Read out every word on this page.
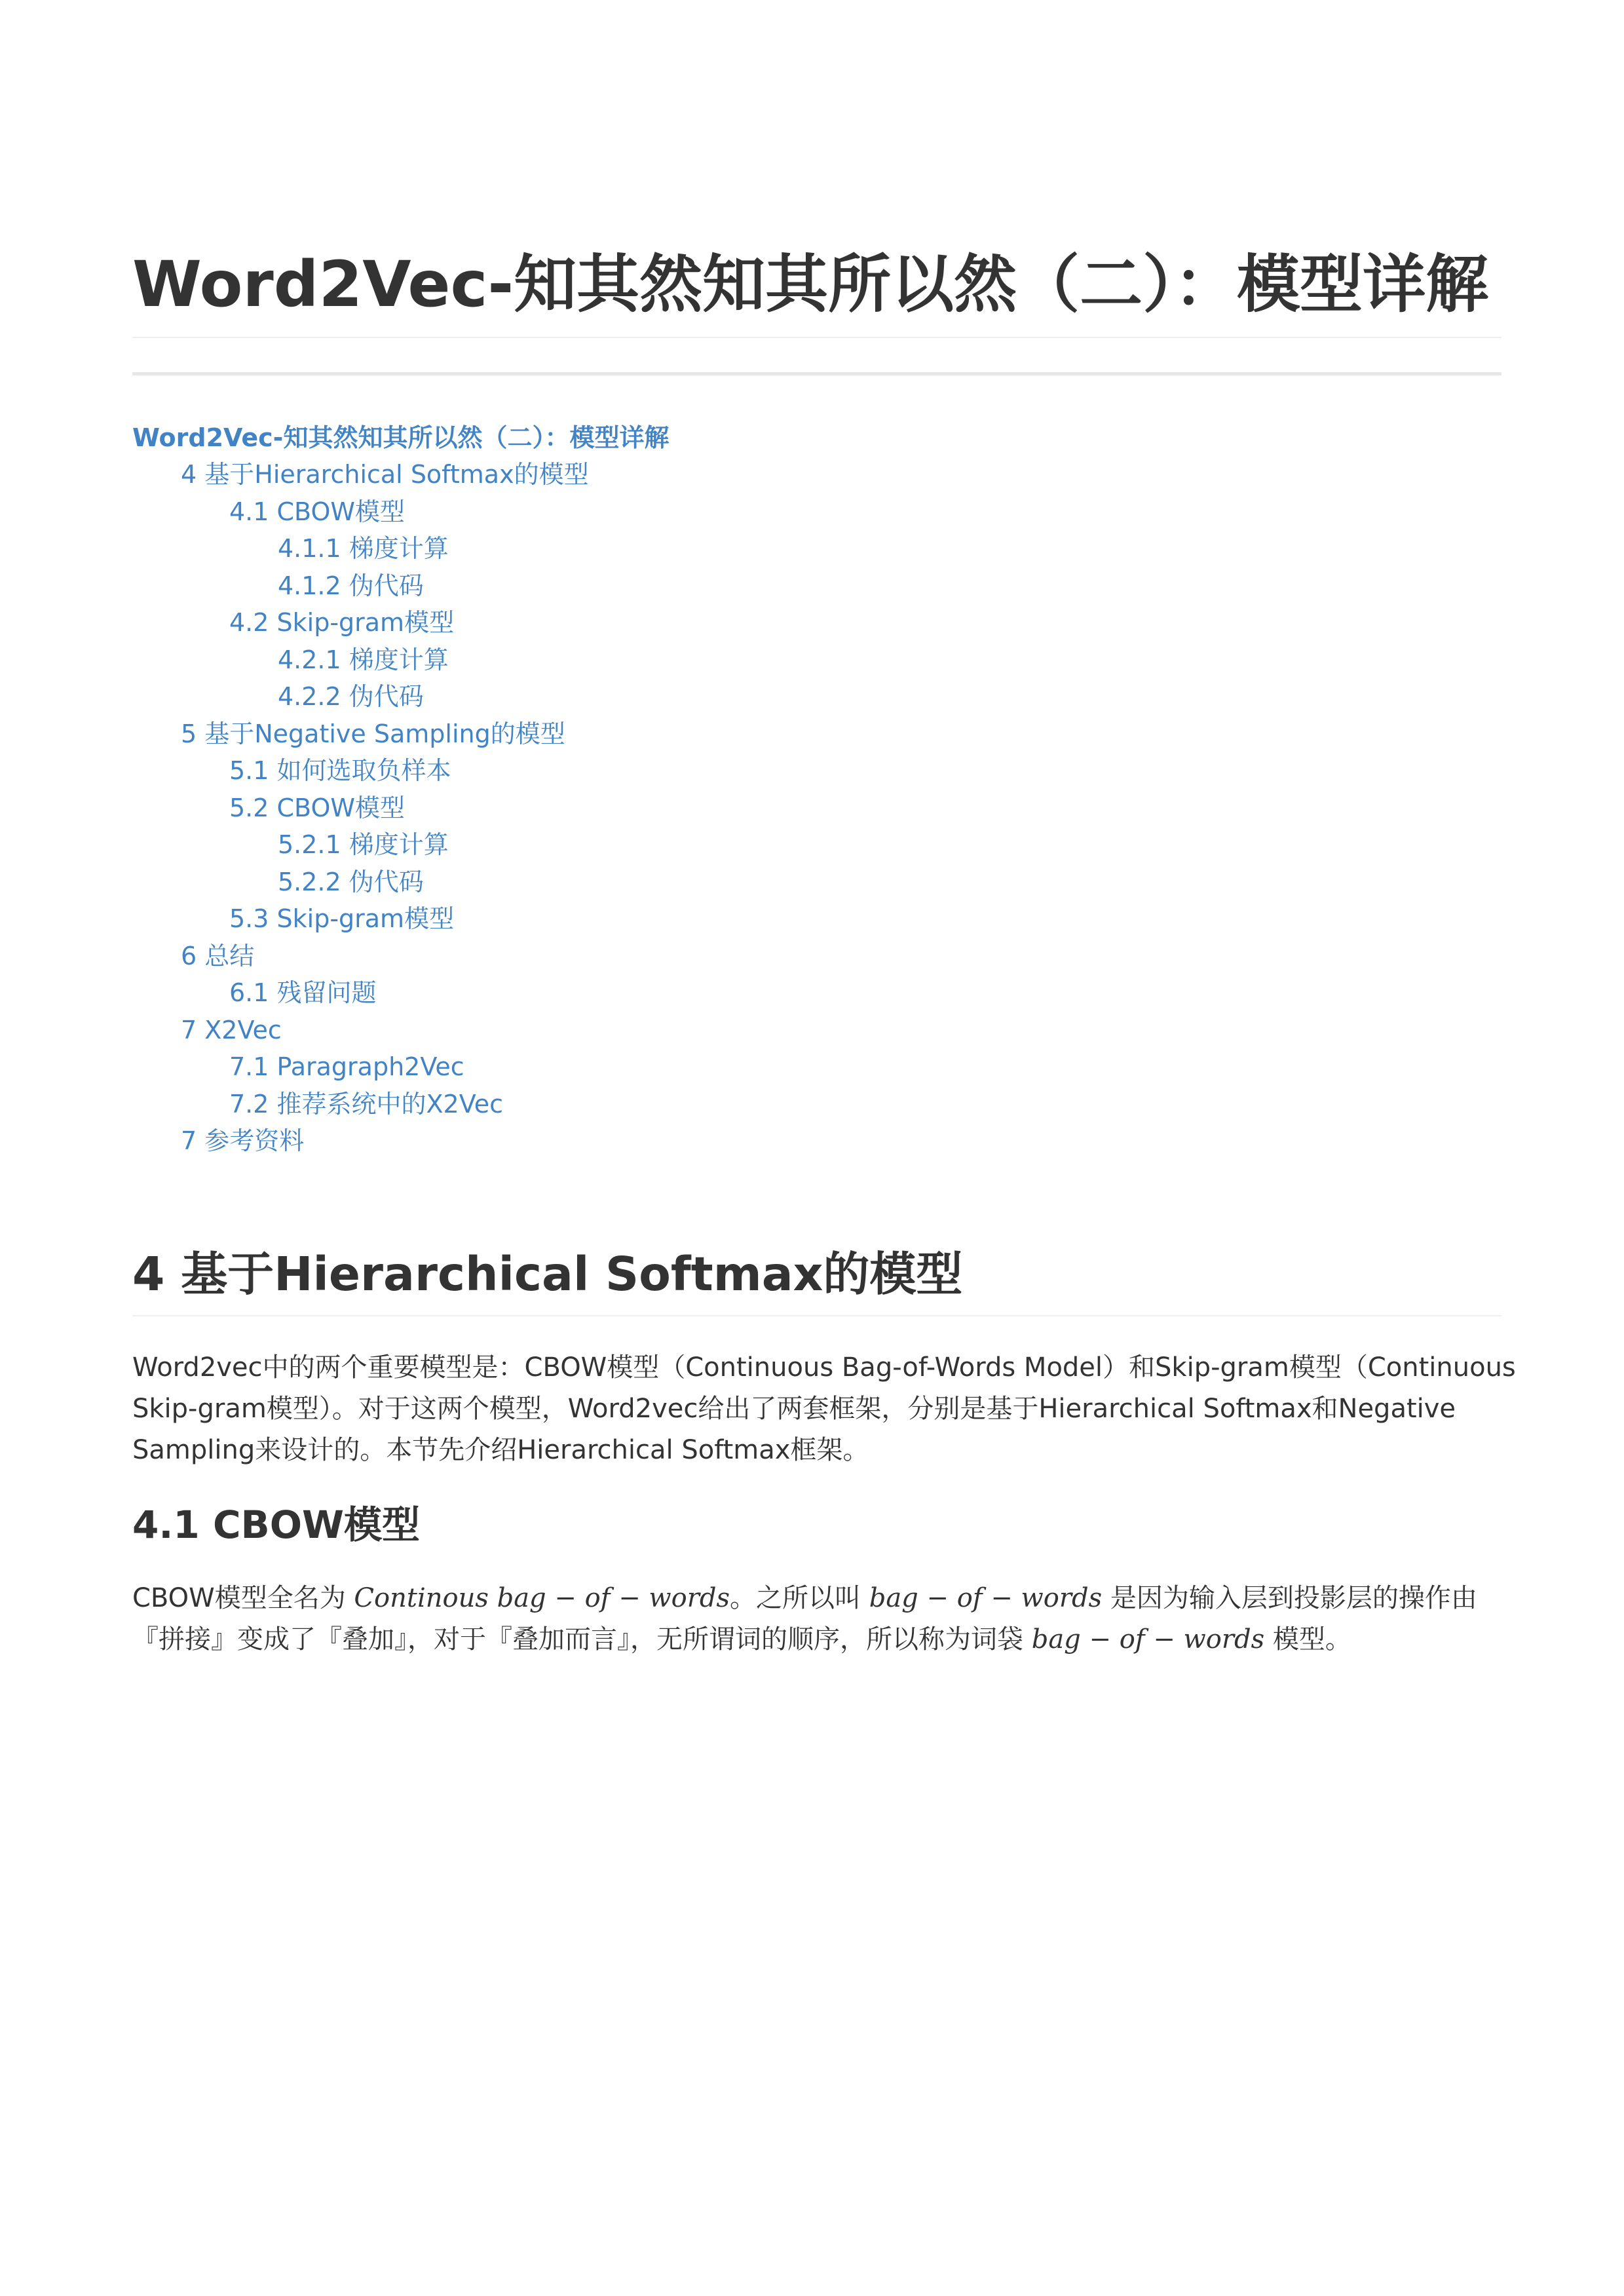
Word2Vec-知其然知其所以然（二）：模型详解
Word2Vec-知其然知其所以然（二）：模型详解
4 基于Hierarchical Softmax的模型
4.1 CBOW模型
4.1.1 梯度计算
4.1.2 伪代码
4.2 Skip-gram模型
4.2.1 梯度计算
4.2.2 伪代码
5 基于Negative Sampling的模型
5.1 如何选取负样本
5.2 CBOW模型
5.2.1 梯度计算
5.2.2 伪代码
5.3 Skip-gram模型
6 总结
6.1 残留问题
7 X2Vec
7.1 Paragraph2Vec
7.2 推荐系统中的X2Vec
7 参考资料
4 基于Hierarchical Softmax的模型

Word2vec中的两个重要模型是：CBOW模型（Continuous Bag-of-Words Model）和Skip-gram模型（Continuous
Skip-gram模型）。对于这两个模型，Word2vec给出了两套框架，分别是基于Hierarchical Softmax和Negative
Sampling来设计的。本节先介绍Hierarchical Softmax框架。

4.1 CBOW模型

CBOW模型全名为 Continous bag − of − words。之所以叫 bag − of − words 是因为输入层到投影层的操作由
『拼接』变成了『叠加』，对于『叠加而言』，无所谓词的顺序，所以称为词袋 bag − of − words 模型。
